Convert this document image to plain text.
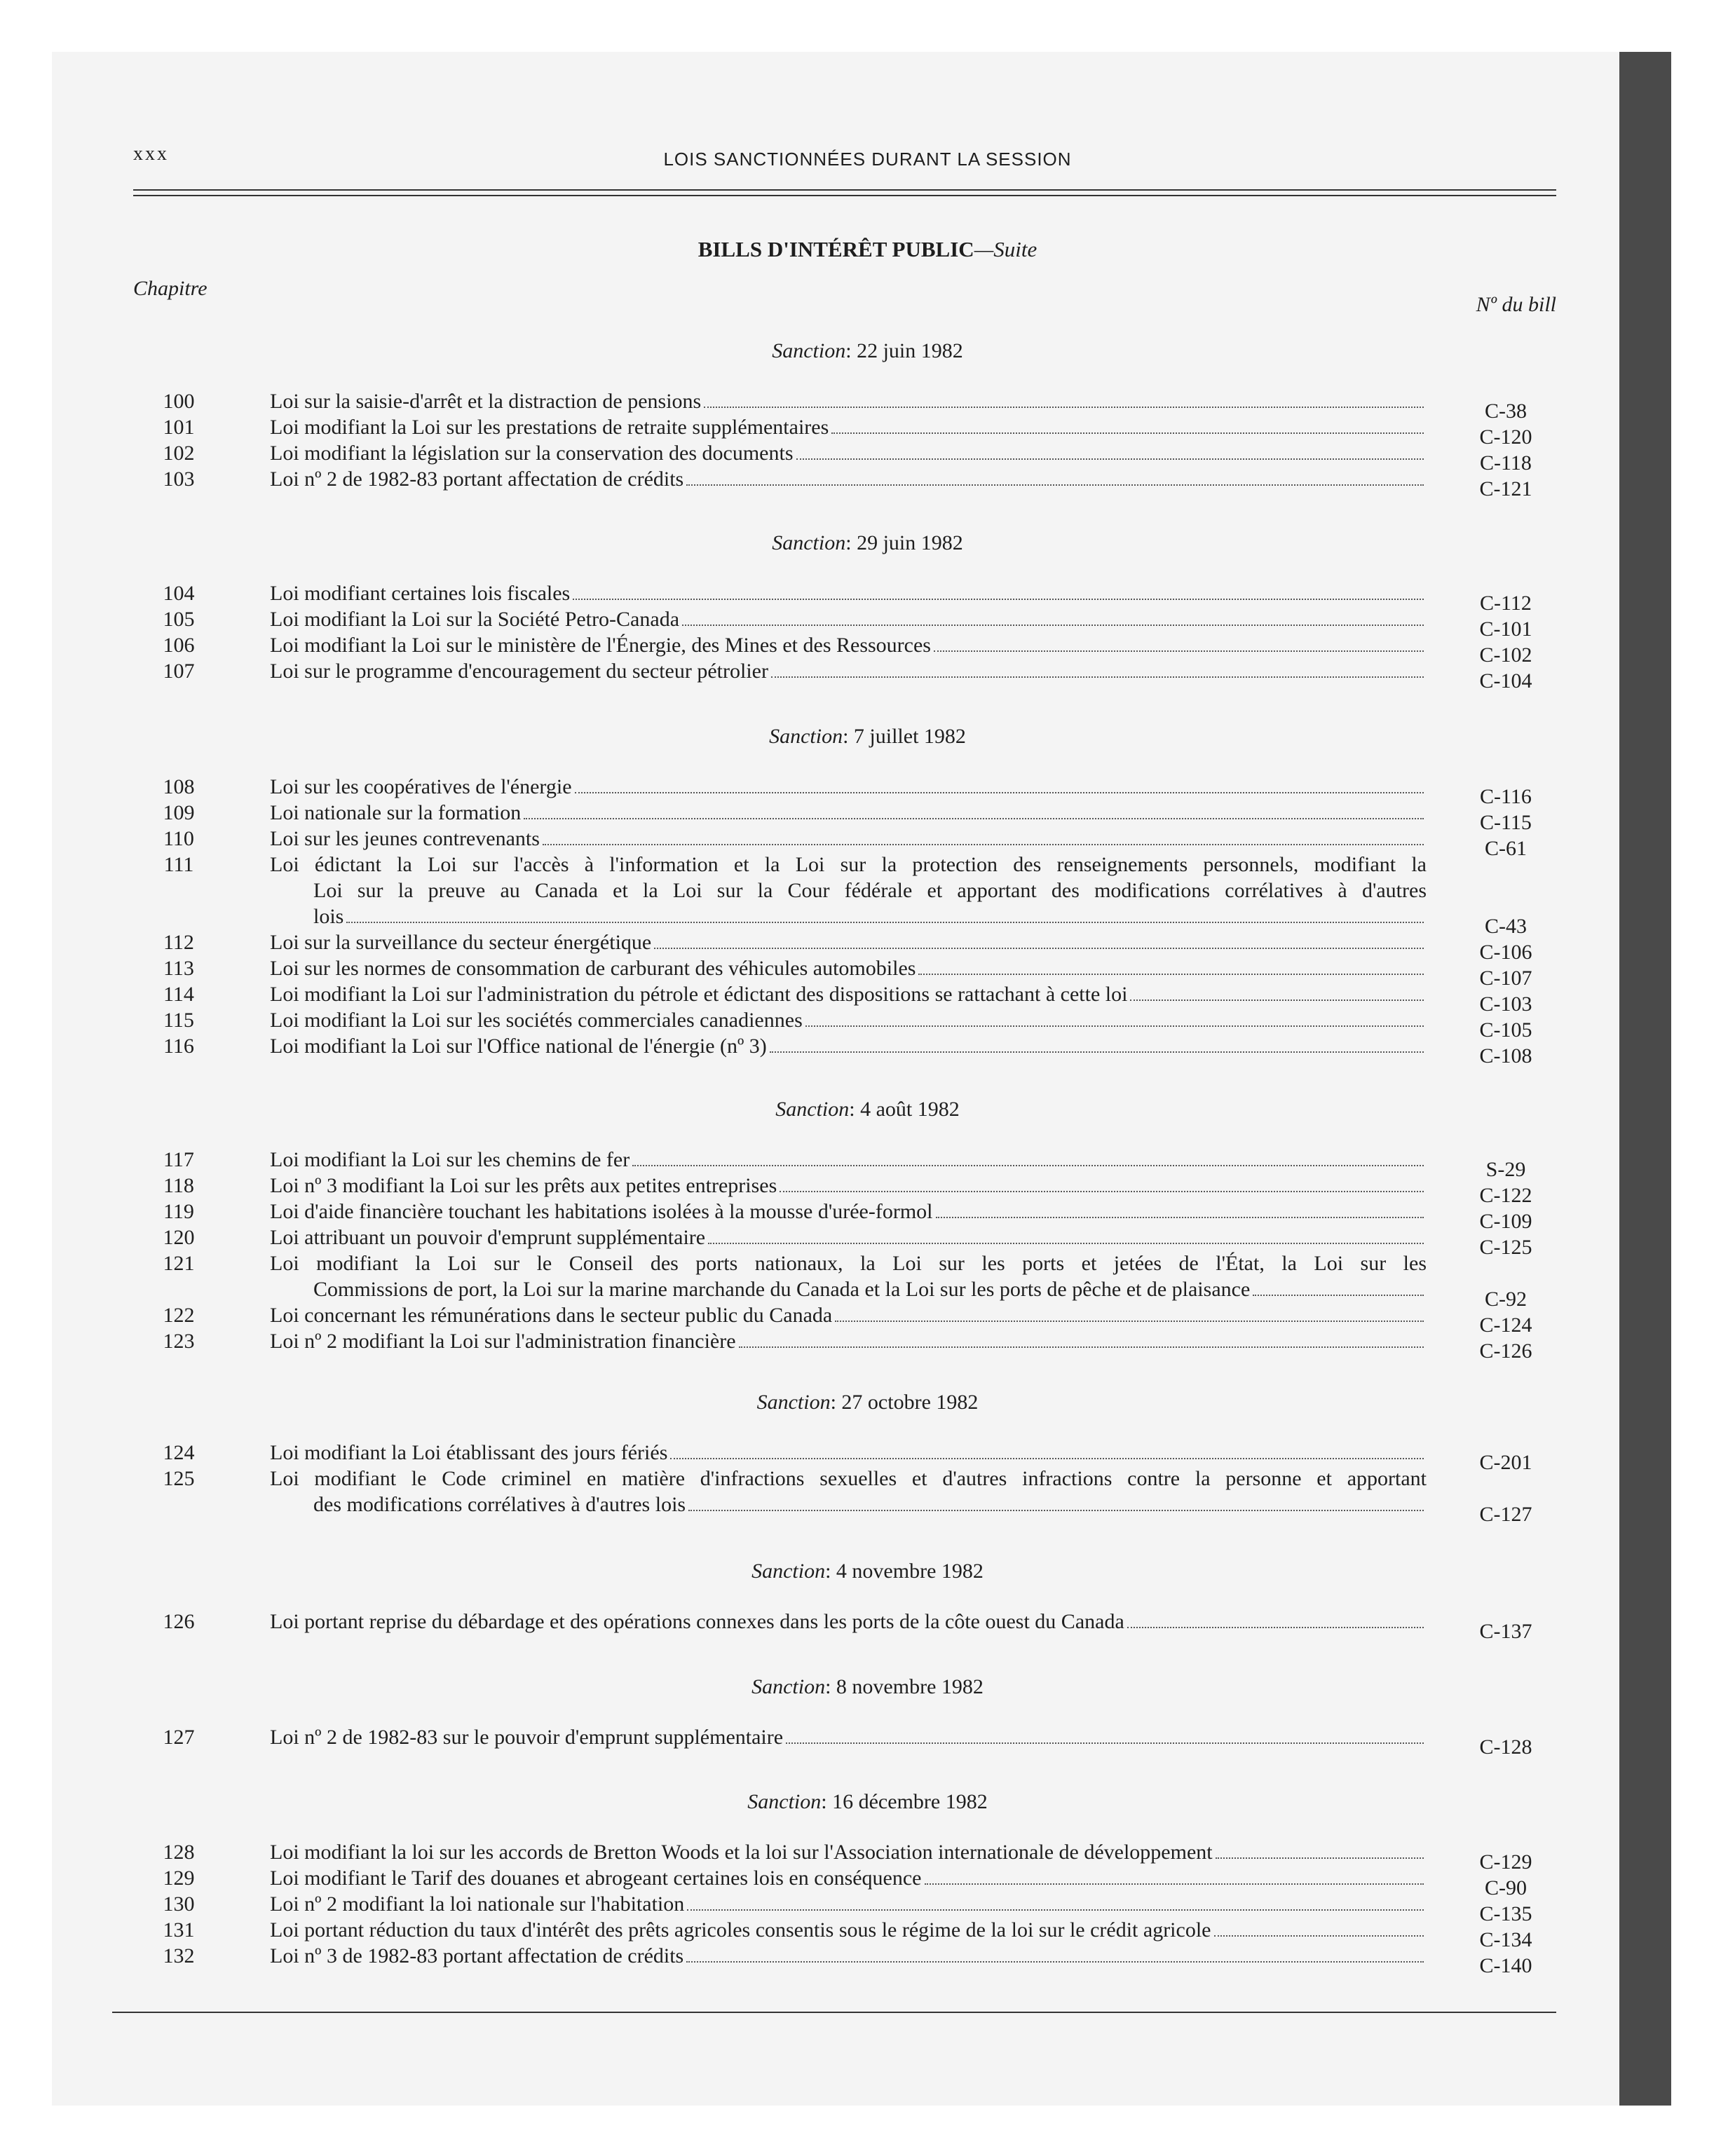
xxx	LOIS SANCTIONNÉES DURANT LA SESSION
BILLS D'INTÉRÊT PUBLIC—Suite
Chapitre
Nº du bill
Sanction: 22 juin 1982
100	Loi sur la saisie-d'arrêt et la distraction de pensions	C-38
101	Loi modifiant la Loi sur les prestations de retraite supplémentaires	C-120
102	Loi modifiant la législation sur la conservation des documents	C-118
103	Loi nº 2 de 1982-83 portant affectation de crédits	C-121
Sanction: 29 juin 1982
104	Loi modifiant certaines lois fiscales	C-112
105	Loi modifiant la Loi sur la Société Petro-Canada	C-101
106	Loi modifiant la Loi sur le ministère de l'Énergie, des Mines et des Ressources	C-102
107	Loi sur le programme d'encouragement du secteur pétrolier	C-104
Sanction: 7 juillet 1982
108	Loi sur les coopératives de l'énergie	C-116
109	Loi nationale sur la formation	C-115
110	Loi sur les jeunes contrevenants	C-61
111	Loi édictant la Loi sur l'accès à l'information et la Loi sur la protection des renseignements personnels, modifiant la
Loi sur la preuve au Canada et la Loi sur la Cour fédérale et apportant des modifications corrélatives à d'autres
lois	C-43
112	Loi sur la surveillance du secteur énergétique	C-106
113	Loi sur les normes de consommation de carburant des véhicules automobiles	C-107
114	Loi modifiant la Loi sur l'administration du pétrole et édictant des dispositions se rattachant à cette loi	C-103
115	Loi modifiant la Loi sur les sociétés commerciales canadiennes	C-105
116	Loi modifiant la Loi sur l'Office national de l'énergie (nº 3)	C-108
Sanction: 4 août 1982
117	Loi modifiant la Loi sur les chemins de fer	S-29
118	Loi nº 3 modifiant la Loi sur les prêts aux petites entreprises	C-122
119	Loi d'aide financière touchant les habitations isolées à la mousse d'urée-formol	C-109
120	Loi attribuant un pouvoir d'emprunt supplémentaire	C-125
121	Loi modifiant la Loi sur le Conseil des ports nationaux, la Loi sur les ports et jetées de l'État, la Loi sur les
Commissions de port, la Loi sur la marine marchande du Canada et la Loi sur les ports de pêche et de plaisance	C-92
122	Loi concernant les rémunérations dans le secteur public du Canada	C-124
123	Loi nº 2 modifiant la Loi sur l'administration financière	C-126
Sanction: 27 octobre 1982
124	Loi modifiant la Loi établissant des jours fériés	C-201
125	Loi modifiant le Code criminel en matière d'infractions sexuelles et d'autres infractions contre la personne et apportant
des modifications corrélatives à d'autres lois	C-127
Sanction: 4 novembre 1982
126	Loi portant reprise du débardage et des opérations connexes dans les ports de la côte ouest du Canada	C-137
Sanction: 8 novembre 1982
127	Loi nº 2 de 1982-83 sur le pouvoir d'emprunt supplémentaire	C-128
Sanction: 16 décembre 1982
128	Loi modifiant la loi sur les accords de Bretton Woods et la loi sur l'Association internationale de développement	C-129
129	Loi modifiant le Tarif des douanes et abrogeant certaines lois en conséquence	C-90
130	Loi nº 2 modifiant la loi nationale sur l'habitation	C-135
131	Loi portant réduction du taux d'intérêt des prêts agricoles consentis sous le régime de la loi sur le crédit agricole	C-134
132	Loi nº 3 de 1982-83 portant affectation de crédits	C-140
